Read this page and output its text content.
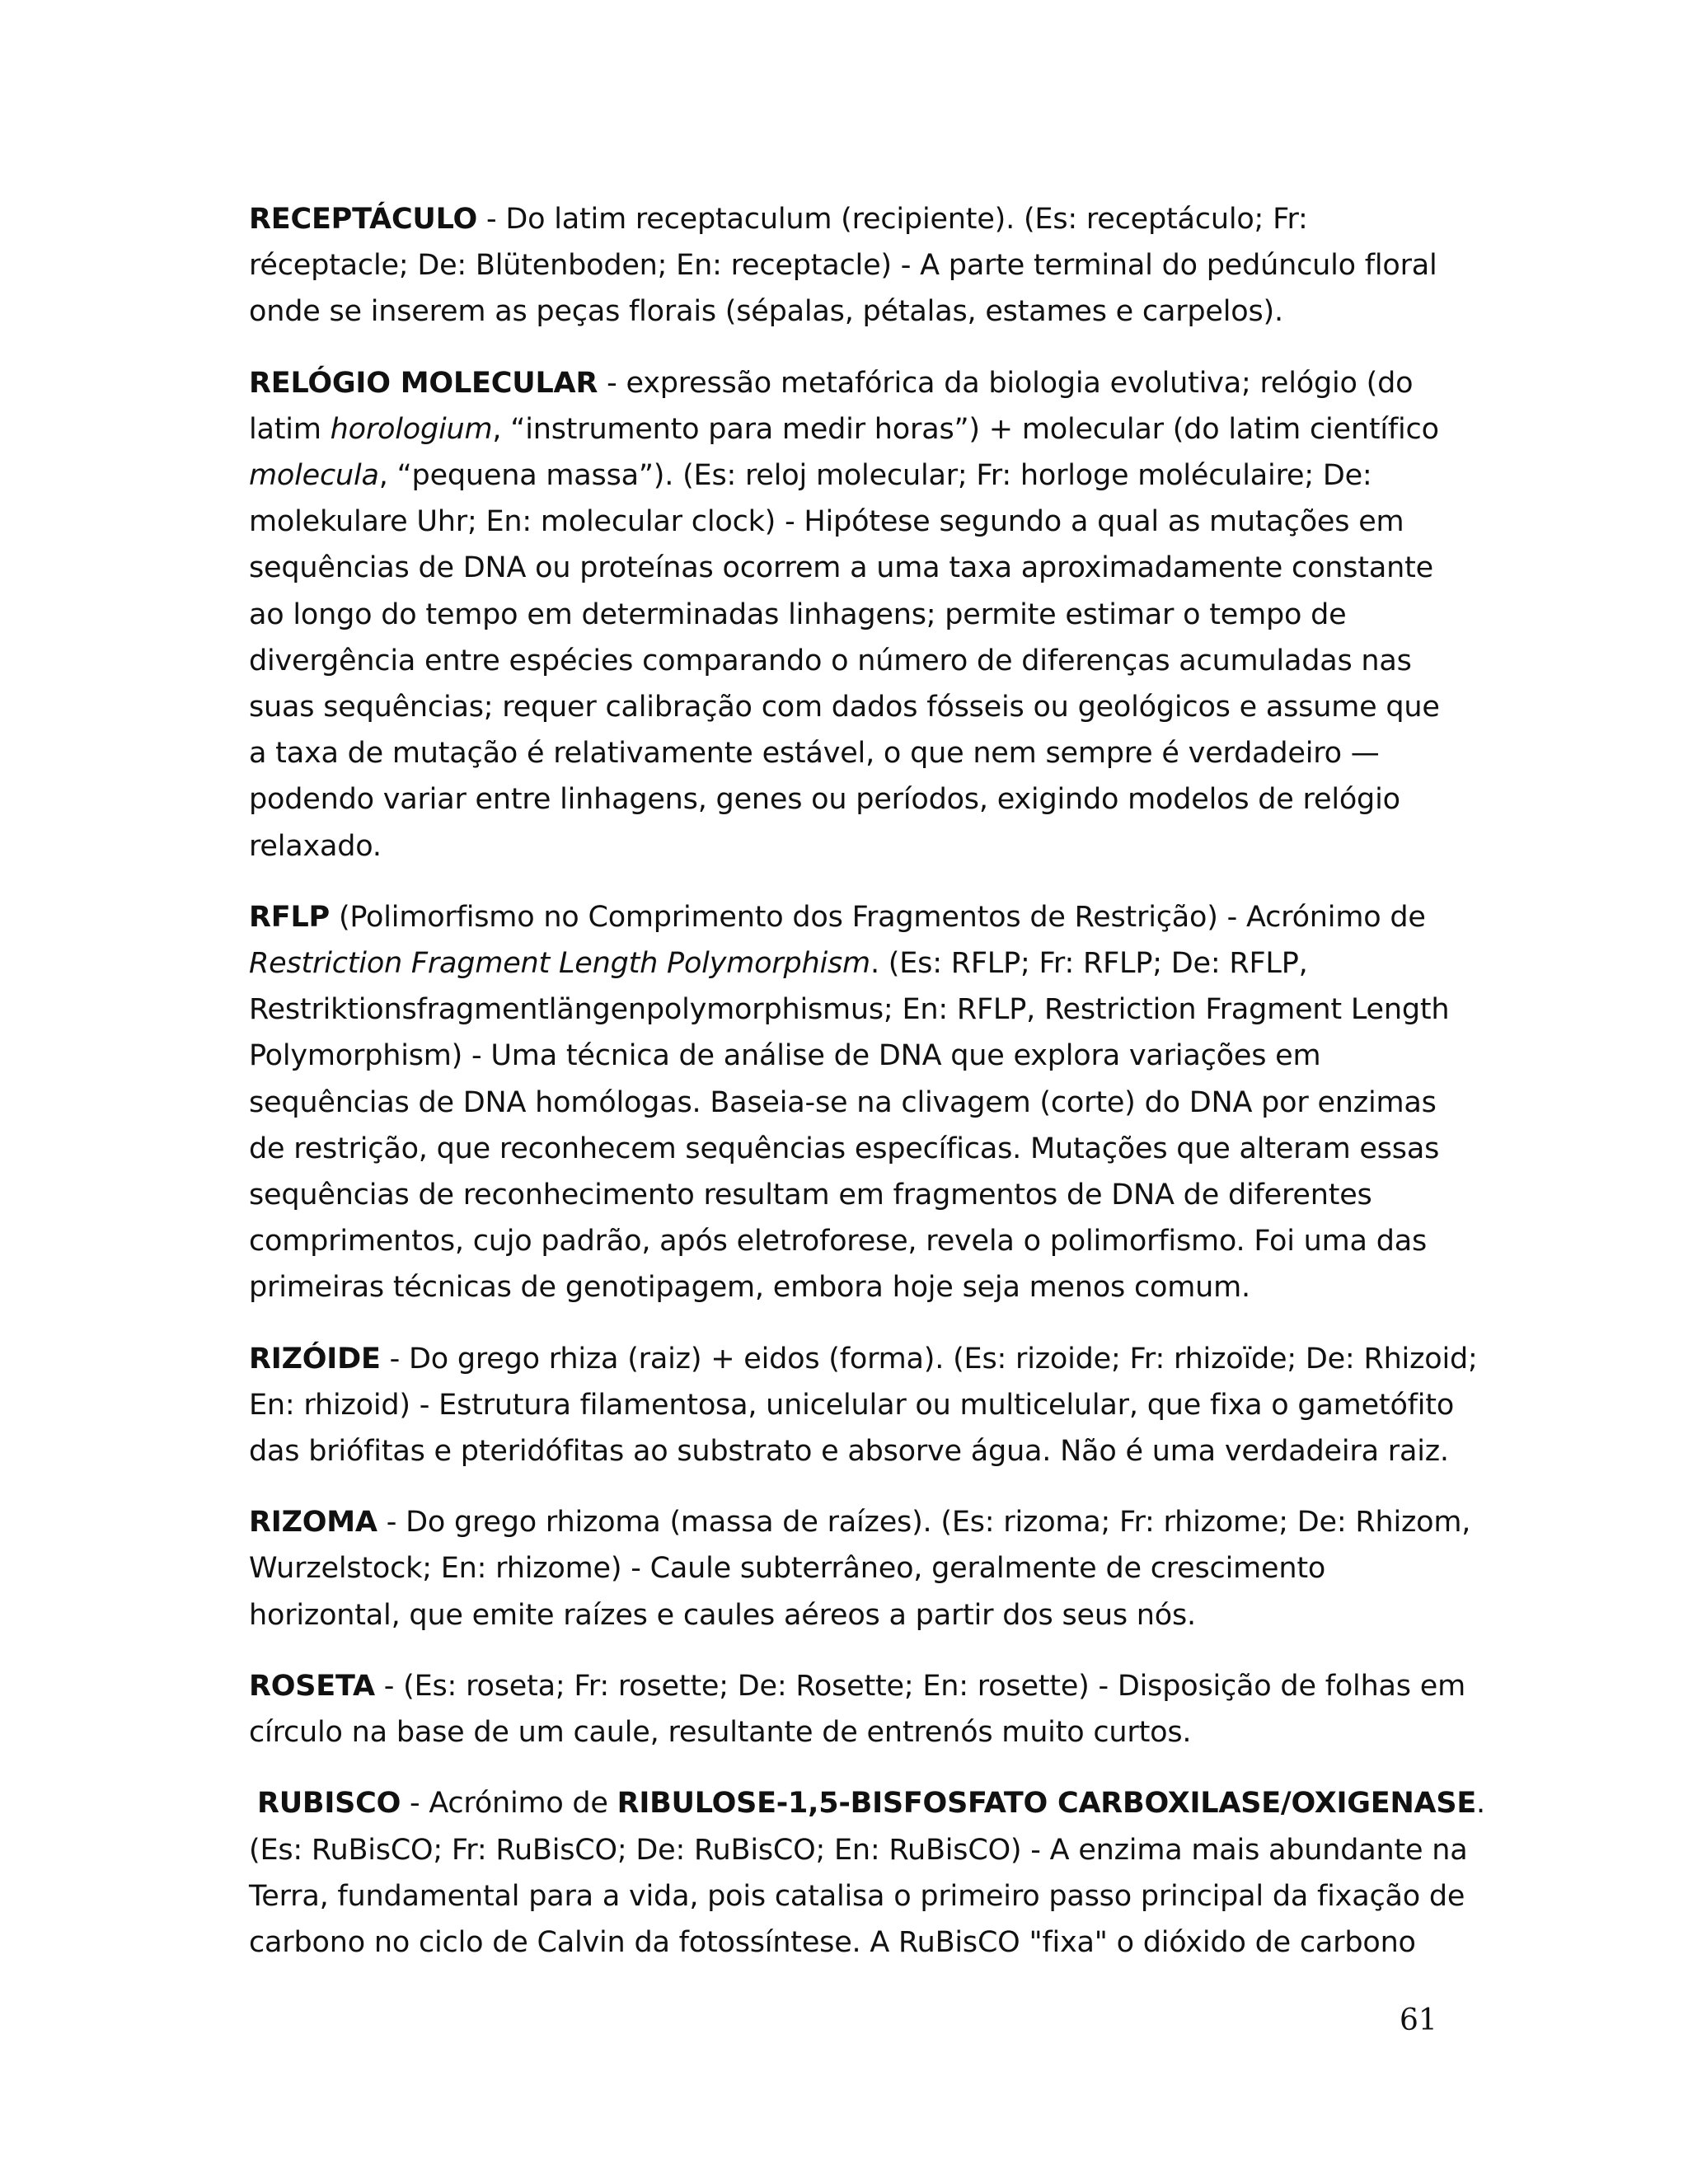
RECEPTÁCULO - Do latim receptaculum (recipiente). (Es: receptáculo; Fr:
réceptacle; De: Blütenboden; En: receptacle) - A parte terminal do pedúnculo floral
onde se inserem as peças florais (sépalas, pétalas, estames e carpelos).
RELÓGIO MOLECULAR - expressão metafórica da biologia evolutiva; relógio (do
latim horologium, “instrumento para medir horas”) + molecular (do latim científico
molecula, “pequena massa”). (Es: reloj molecular; Fr: horloge moléculaire; De:
molekulare Uhr; En: molecular clock) - Hipótese segundo a qual as mutações em
sequências de DNA ou proteínas ocorrem a uma taxa aproximadamente constante
ao longo do tempo em determinadas linhagens; permite estimar o tempo de
divergência entre espécies comparando o número de diferenças acumuladas nas
suas sequências; requer calibração com dados fósseis ou geológicos e assume que
a taxa de mutação é relativamente estável, o que nem sempre é verdadeiro —
podendo variar entre linhagens, genes ou períodos, exigindo modelos de relógio
relaxado.
RFLP (Polimorfismo no Comprimento dos Fragmentos de Restrição) - Acrónimo de
Restriction Fragment Length Polymorphism. (Es: RFLP; Fr: RFLP; De: RFLP,
Restriktionsfragmentlängenpolymorphismus; En: RFLP, Restriction Fragment Length
Polymorphism) - Uma técnica de análise de DNA que explora variações em
sequências de DNA homólogas. Baseia-se na clivagem (corte) do DNA por enzimas
de restrição, que reconhecem sequências específicas. Mutações que alteram essas
sequências de reconhecimento resultam em fragmentos de DNA de diferentes
comprimentos, cujo padrão, após eletroforese, revela o polimorfismo. Foi uma das
primeiras técnicas de genotipagem, embora hoje seja menos comum.
RIZÓIDE - Do grego rhiza (raiz) + eidos (forma). (Es: rizoide; Fr: rhizoïde; De: Rhizoid;
En: rhizoid) - Estrutura filamentosa, unicelular ou multicelular, que fixa o gametófito
das briófitas e pteridófitas ao substrato e absorve água. Não é uma verdadeira raiz.
RIZOMA - Do grego rhizoma (massa de raízes). (Es: rizoma; Fr: rhizome; De: Rhizom,
Wurzelstock; En: rhizome) - Caule subterrâneo, geralmente de crescimento
horizontal, que emite raízes e caules aéreos a partir dos seus nós.
ROSETA - (Es: roseta; Fr: rosette; De: Rosette; En: rosette) - Disposição de folhas em
círculo na base de um caule, resultante de entrenós muito curtos.
RUBISCO - Acrónimo de RIBULOSE-1,5-BISFOSFATO CARBOXILASE/OXIGENASE.
(Es: RuBisCO; Fr: RuBisCO; De: RuBisCO; En: RuBisCO) - A enzima mais abundante na
Terra, fundamental para a vida, pois catalisa o primeiro passo principal da fixação de
carbono no ciclo de Calvin da fotossíntese. A RuBisCO "fixa" o dióxido de carbono
61
